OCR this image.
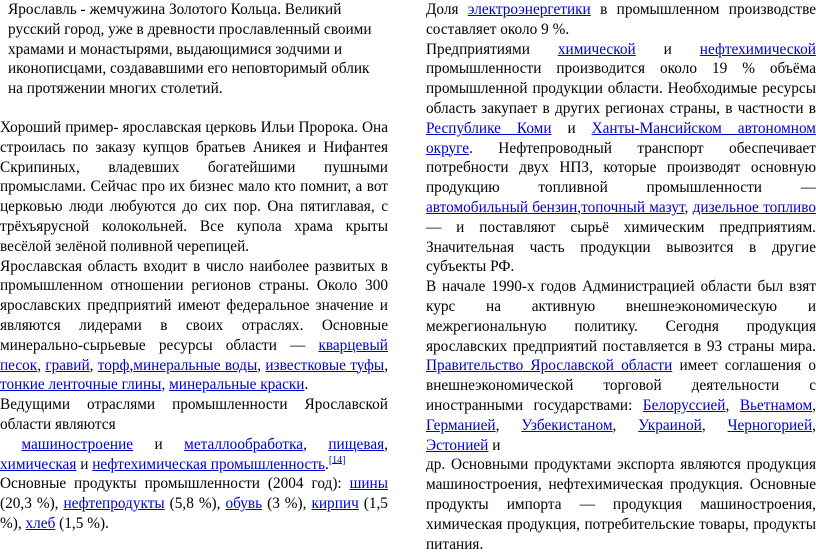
Ярославль - жемчужина Золотого Кольца. Великий русский город, уже в древности прославленный своими храмами и монастырями, выдающимися зодчими и иконописцами, создававшими его неповторимый облик на протяжении многих столетий.

Хороший пример- ярославская церковь Ильи Пророка. Она строилась по заказу купцов братьев Аникея и Нифантея Скрипиных, владевших богатейшими пушными промыслами. Сейчас про их бизнес мало кто помнит, а вот церковью люди любуются до сих пор. Она пятиглавая, с трёхъярусной колокольней. Все купола храма крыты весёлой зелёной поливной черепицей.

Ярославская область входит в число наиболее развитых в промышленном отношении регионов страны. Около 300 ярославских предприятий имеют федеральное значение и являются лидерами в своих отраслях. Основные минерально-сырьевые ресурсы области — кварцевый песок, гравий, торф,минеральные воды, известковые туфы, тонкие ленточные глины, минеральные краски.

Ведущими отраслями промышленности Ярославской области являются
машиностроение и металлообработка, пищевая, химическая и нефтехимическая промышленность.[14]

Основные продукты промышленности (2004 год): шины (20,3 %), нефтепродукты (5,8 %), обувь (3 %), кирпич (1,5 %), хлеб (1,5 %).

Доля электроэнергетики в промышленном производстве составляет около 9 %.

Предприятиями химической и нефтехимической промышленности производится около 19 % объёма промышленной продукции области. Необходимые ресурсы область закупает в других регионах страны, в частности в Республике Коми и Ханты-Мансийском автономном округе. Нефтепроводный транспорт обеспечивает потребности двух НПЗ, которые производят основную продукцию топливной промышленности — автомобильный бензин,топочный мазут, дизельное топливо — и поставляют сырьё химическим предприятиям. Значительная часть продукции вывозится в другие субъекты РФ.

В начале 1990-х годов Администрацией области был взят курс на активную внешнеэкономическую и межрегиональную политику. Сегодня продукция ярославских предприятий поставляется в 93 страны мира. Правительство Ярославской области имеет соглашения о внешнеэкономической торговой деятельности с иностранными государствами: Белоруссией, Вьетнамом, Германией, Узбекистаном, Украиной, Черногорией, Эстонией и

др. Основными продуктами экспорта являются продукция машиностроения, нефтехимическая продукция. Основные продукты импорта — продукция машиностроения, химическая продукция, потребительские товары, продукты питания.
